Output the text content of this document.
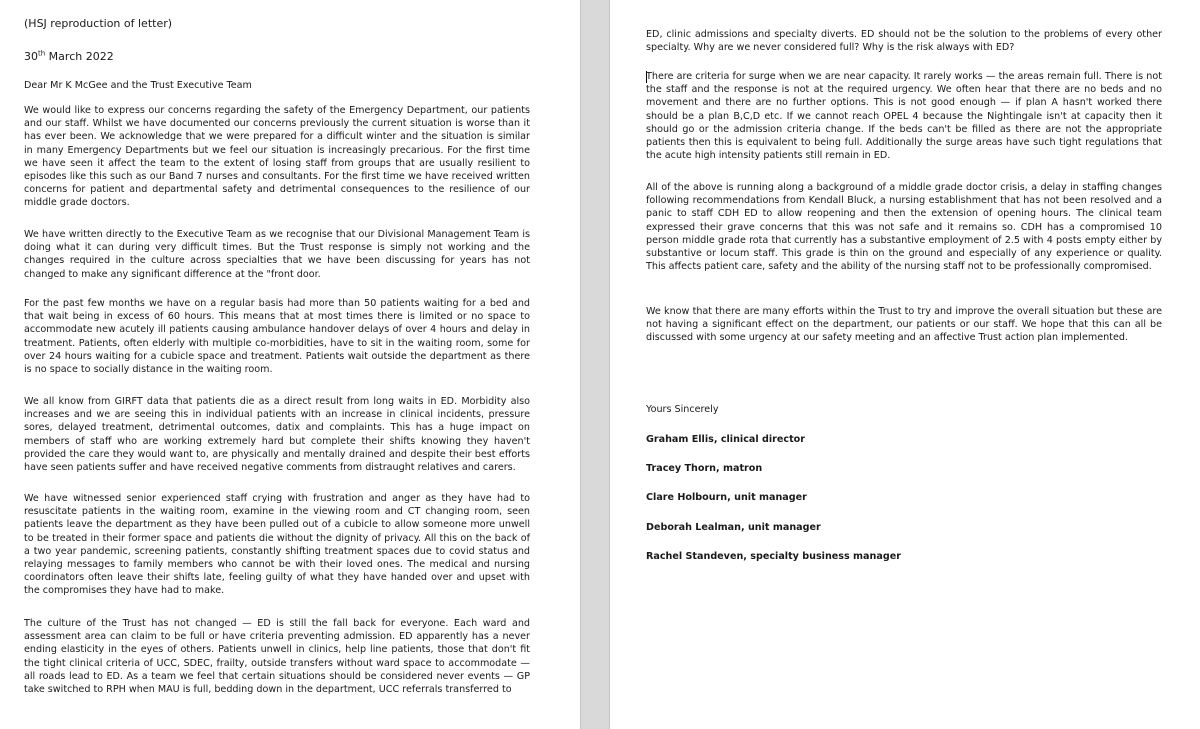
(HSJ reproduction of letter)

30th March 2022

Dear Mr K McGee and the Trust Executive Team

We would like to express our concerns regarding the safety of the Emergency Department, our patients and our staff. Whilst we have documented our concerns previously the current situation is worse than it has ever been. We acknowledge that we were prepared for a difficult winter and the situation is similar in many Emergency Departments but we feel our situation is increasingly precarious. For the first time we have seen it affect the team to the extent of losing staff from groups that are usually resilient to episodes like this such as our Band 7 nurses and consultants. For the first time we have received written concerns for patient and departmental safety and detrimental consequences to the resilience of our middle grade doctors.

We have written directly to the Executive Team as we recognise that our Divisional Management Team is doing what it can during very difficult times. But the Trust response is simply not working and the changes required in the culture across specialties that we have been discussing for years has not changed to make any significant difference at the "front door.

For the past few months we have on a regular basis had more than 50 patients waiting for a bed and that wait being in excess of 60 hours. This means that at most times there is limited or no space to accommodate new acutely ill patients causing ambulance handover delays of over 4 hours and delay in treatment. Patients, often elderly with multiple co-morbidities, have to sit in the waiting room, some for over 24 hours waiting for a cubicle space and treatment. Patients wait outside the department as there is no space to socially distance in the waiting room.

We all know from GIRFT data that patients die as a direct result from long waits in ED. Morbidity also increases and we are seeing this in individual patients with an increase in clinical incidents, pressure sores, delayed treatment, detrimental outcomes, datix and complaints. This has a huge impact on members of staff who are working extremely hard but complete their shifts knowing they haven't provided the care they would want to, are physically and mentally drained and despite their best efforts have seen patients suffer and have received negative comments from distraught relatives and carers.

We have witnessed senior experienced staff crying with frustration and anger as they have had to resuscitate patients in the waiting room, examine in the viewing room and CT changing room, seen patients leave the department as they have been pulled out of a cubicle to allow someone more unwell to be treated in their former space and patients die without the dignity of privacy. All this on the back of a two year pandemic, screening patients, constantly shifting treatment spaces due to covid status and relaying messages to family members who cannot be with their loved ones. The medical and nursing coordinators often leave their shifts late, feeling guilty of what they have handed over and upset with the compromises they have had to make.

The culture of the Trust has not changed — ED is still the fall back for everyone. Each ward and assessment area can claim to be full or have criteria preventing admission. ED apparently has a never ending elasticity in the eyes of others. Patients unwell in clinics, help line patients, those that don't fit the tight clinical criteria of UCC, SDEC, frailty, outside transfers without ward space to accommodate — all roads lead to ED. As a team we feel that certain situations should be considered never events — GP take switched to RPH when MAU is full, bedding down in the department, UCC referrals transferred to

ED, clinic admissions and specialty diverts. ED should not be the solution to the problems of every other specialty. Why are we never considered full? Why is the risk always with ED?

There are criteria for surge when we are near capacity. It rarely works — the areas remain full. There is not the staff and the response is not at the required urgency. We often hear that there are no beds and no movement and there are no further options. This is not good enough — if plan A hasn't worked there should be a plan B,C,D etc. If we cannot reach OPEL 4 because the Nightingale isn't at capacity then it should go or the admission criteria change. If the beds can't be filled as there are not the appropriate patients then this is equivalent to being full. Additionally the surge areas have such tight regulations that the acute high intensity patients still remain in ED.

All of the above is running along a background of a middle grade doctor crisis, a delay in staffing changes following recommendations from Kendall Bluck, a nursing establishment that has not been resolved and a panic to staff CDH ED to allow reopening and then the extension of opening hours. The clinical team expressed their grave concerns that this was not safe and it remains so. CDH has a compromised 10 person middle grade rota that currently has a substantive employment of 2.5 with 4 posts empty either by substantive or locum staff. This grade is thin on the ground and especially of any experience or quality. This affects patient care, safety and the ability of the nursing staff not to be professionally compromised.

We know that there are many efforts within the Trust to try and improve the overall situation but these are not having a significant effect on the department, our patients or our staff. We hope that this can all be discussed with some urgency at our safety meeting and an affective Trust action plan implemented.

Yours Sincerely

Graham Ellis, clinical director

Tracey Thorn, matron

Clare Holbourn, unit manager

Deborah Lealman, unit manager

Rachel Standeven, specialty business manager
